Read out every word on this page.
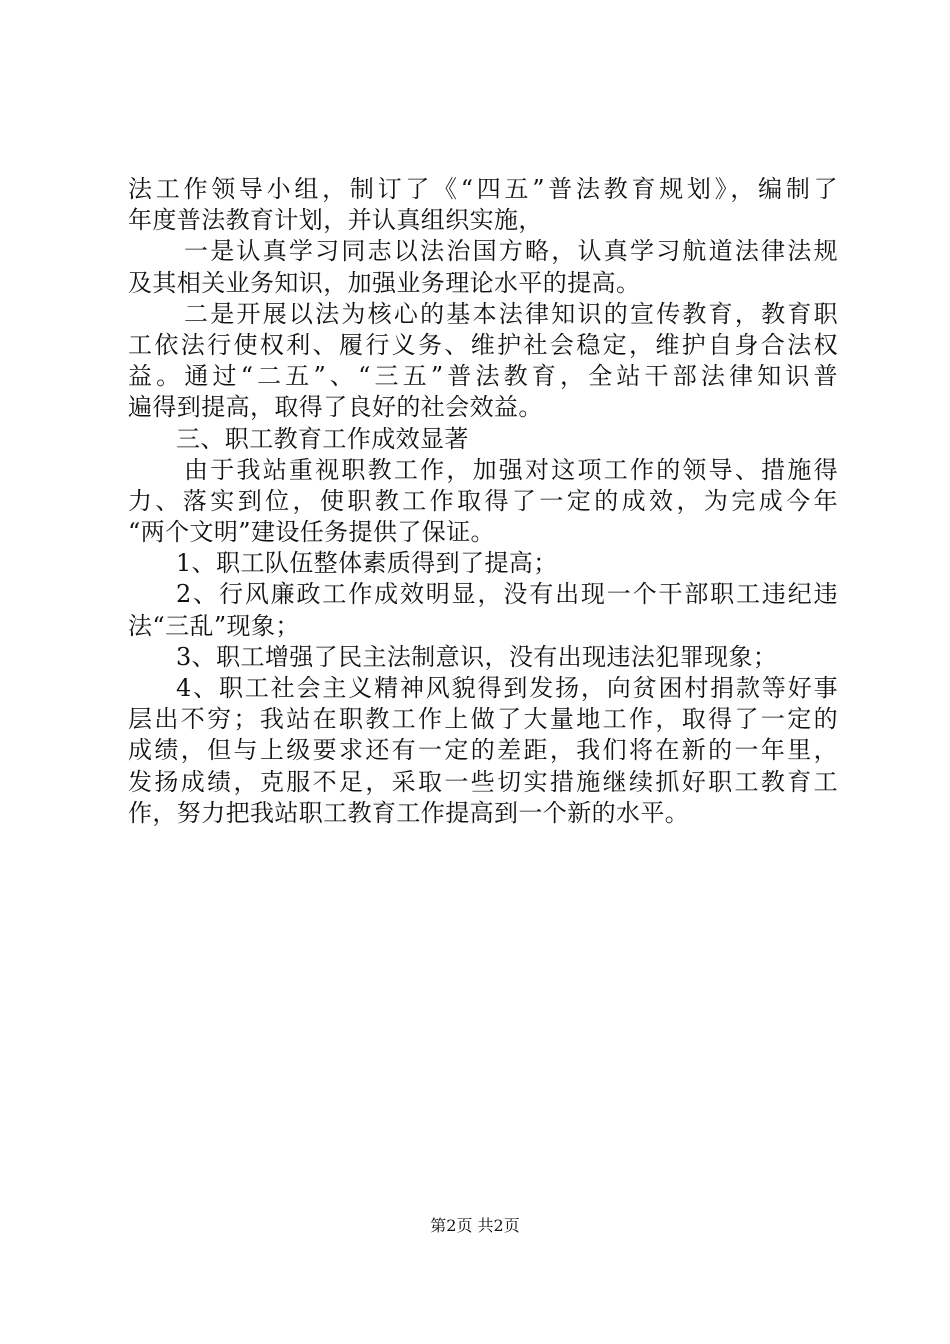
法工作领导小组，制订了《“四五”普法教育规划》，编制了
年度普法教育计划，并认真组织实施，
一是认真学习同志以法治国方略，认真学习航道法律法规
及其相关业务知识，加强业务理论水平的提高。
二是开展以法为核心的基本法律知识的宣传教育，教育职
工依法行使权利、履行义务、维护社会稳定，维护自身合法权
益。通过“二五”、“三五”普法教育，全站干部法律知识普
遍得到提高，取得了良好的社会效益。
三、职工教育工作成效显著
由于我站重视职教工作，加强对这项工作的领导、措施得
力、落实到位，使职教工作取得了一定的成效，为完成今年
“两个文明”建设任务提供了保证。
1、职工队伍整体素质得到了提高；
2、行风廉政工作成效明显，没有出现一个干部职工违纪违
法“三乱”现象；
3、职工增强了民主法制意识，没有出现违法犯罪现象；
4、职工社会主义精神风貌得到发扬，向贫困村捐款等好事
层出不穷；我站在职教工作上做了大量地工作，取得了一定的
成绩，但与上级要求还有一定的差距，我们将在新的一年里，
发扬成绩，克服不足，采取一些切实措施继续抓好职工教育工
作，努力把我站职工教育工作提高到一个新的水平。
第2页 共2页
